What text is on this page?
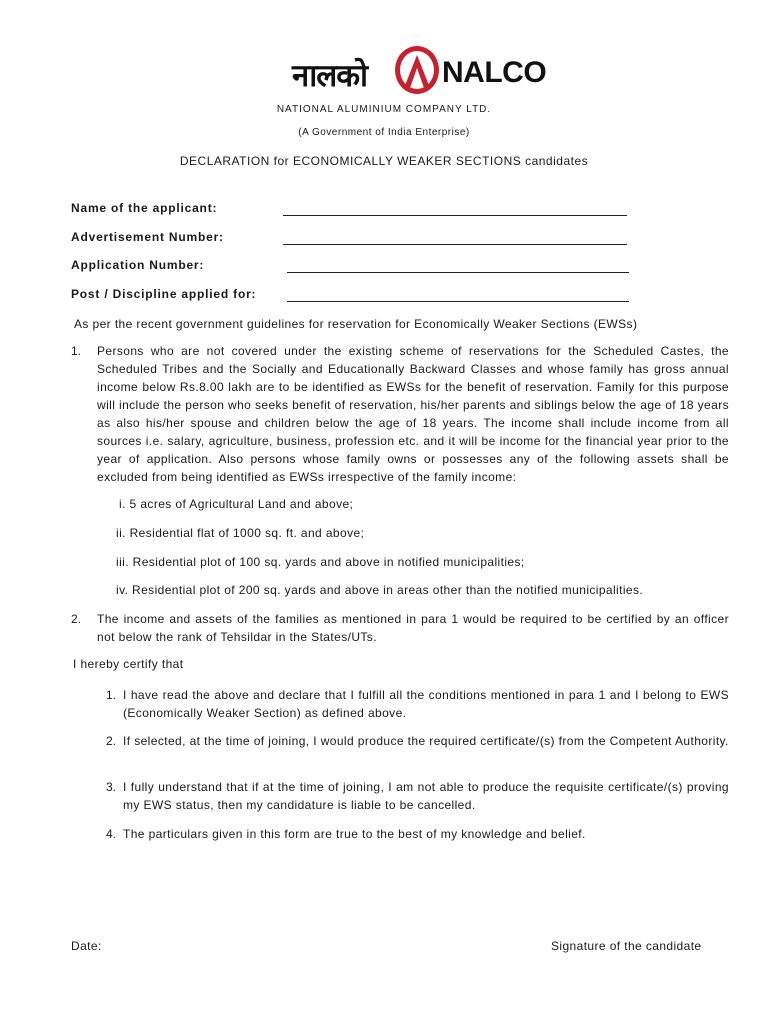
नालको NALCO
NATIONAL ALUMINIUM COMPANY LTD.
(A Government of India Enterprise)
DECLARATION for ECONOMICALLY WEAKER SECTIONS candidates
Name of the applicant:
Advertisement Number:
Application Number:
Post / Discipline applied for:
As per the recent government guidelines for reservation for Economically Weaker Sections (EWSs)
1. Persons who are not covered under the existing scheme of reservations for the Scheduled Castes, the Scheduled Tribes and the Socially and Educationally Backward Classes and whose family has gross annual income below Rs.8.00 lakh are to be identified as EWSs for the benefit of reservation. Family for this purpose will include the person who seeks benefit of reservation, his/her parents and siblings below the age of 18 years as also his/her spouse and children below the age of 18 years. The income shall include income from all sources i.e. salary, agriculture, business, profession etc. and it will be income for the financial year prior to the year of application. Also persons whose family owns or possesses any of the following assets shall be excluded from being identified as EWSs irrespective of the family income:
i. 5 acres of Agricultural Land and above;
ii. Residential flat of 1000 sq. ft. and above;
iii. Residential plot of 100 sq. yards and above in notified municipalities;
iv. Residential plot of 200 sq. yards and above in areas other than the notified municipalities.
2. The income and assets of the families as mentioned in para 1 would be required to be certified by an officer not below the rank of Tehsildar in the States/UTs.
I hereby certify that
1. I have read the above and declare that I fulfill all the conditions mentioned in para 1 and I belong to EWS (Economically Weaker Section) as defined above.
2. If selected, at the time of joining, I would produce the required certificate/(s) from the Competent Authority.
3. I fully understand that if at the time of joining, I am not able to produce the requisite certificate/(s) proving my EWS status, then my candidature is liable to be cancelled.
4. The particulars given in this form are true to the best of my knowledge and belief.
Date:	Signature of the candidate
